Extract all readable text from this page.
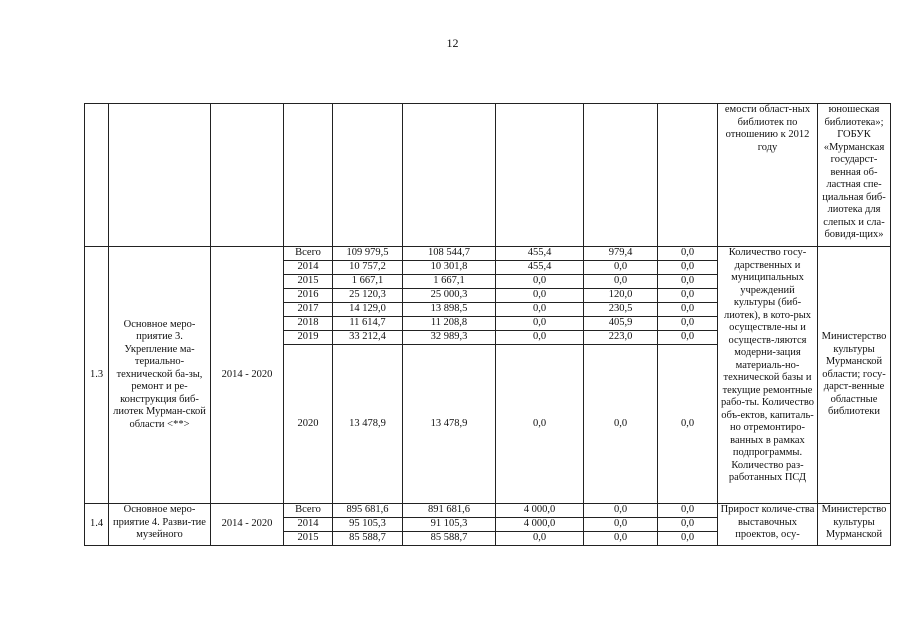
12
									емости област-ных библиотек по отношению к 2012 году	юношеская библиотека»; ГОБУК «Мурманская государст-венная об-ластная спе-циальная биб-лиотека для слепых и сла-бовидя-щих»
1.3	Основное меро-приятие 3. Укрепление ма-териально-технической ба-зы, ремонт и ре-конструкция биб-лиотек Мурман-ской области <**>	2014 - 2020	Всего	109 979,5	108 544,7	455,4	979,4	0,0	Количество госу-дарственных и муниципальных учреждений культуры (биб-лиотек), в кото-рых осуществле-ны и осуществ-ляются модерни-зация материаль-но-технической базы и текущие ремонтные рабо-ты. Количество объ-ектов, капиталь-но отремонтиро-ванных в рамках подпрограммы. Количество раз-работанных ПСД	Министерство культуры Мурманской области; госу-дарст-венные областные библиотеки
			2014	10 757,2	10 301,8	455,4	0,0	0,0		
			2015	1 667,1	1 667,1	0,0	0,0	0,0		
			2016	25 120,3	25 000,3	0,0	120,0	0,0		
			2017	14 129,0	13 898,5	0,0	230,5	0,0		
			2018	11 614,7	11 208,8	0,0	405,9	0,0		
			2019	33 212,4	32 989,3	0,0	223,0	0,0		
			2020	13 478,9	13 478,9	0,0	0,0	0,0		
1.4	Основное меро-приятие 4. Разви-тие музейного	2014 - 2020	Всего	895 681,6	891 681,6	4 000,0	0,0	0,0	Прирост количе-ства выставочных проектов, осу-	Министерство культуры Мурманской
			2014	95 105,3	91 105,3	4 000,0	0,0	0,0		
			2015	85 588,7	85 588,7	0,0	0,0	0,0		
